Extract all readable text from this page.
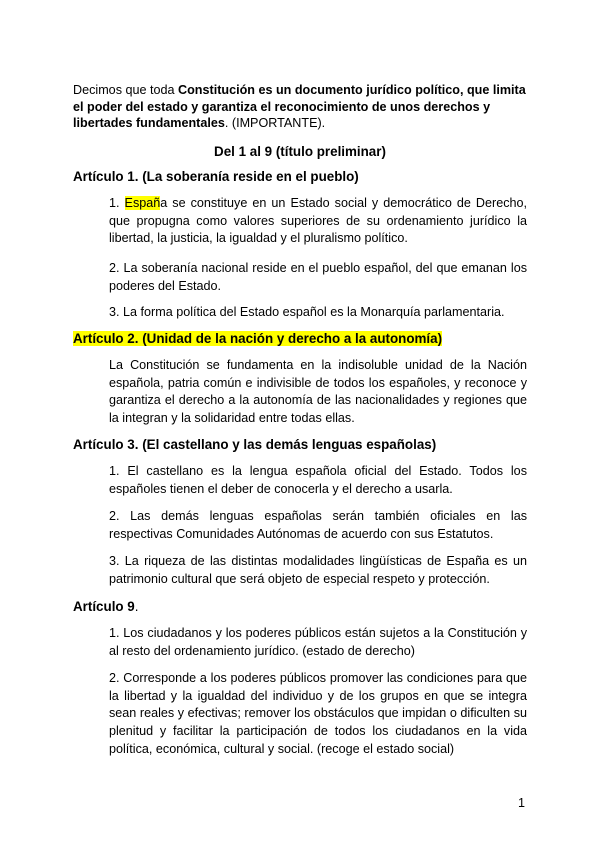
Decimos que toda Constitución es un documento jurídico político, que limita el poder del estado y garantiza el reconocimiento de unos derechos y libertades fundamentales. (IMPORTANTE).
Del 1 al 9 (título preliminar)
Artículo 1. (La soberanía reside en el pueblo)
1. España se constituye en un Estado social y democrático de Derecho, que propugna como valores superiores de su ordenamiento jurídico la libertad, la justicia, la igualdad y el pluralismo político.
2. La soberanía nacional reside en el pueblo español, del que emanan los poderes del Estado.
3. La forma política del Estado español es la Monarquía parlamentaria.
Artículo 2. (Unidad de la nación y derecho a la autonomía)
La Constitución se fundamenta en la indisoluble unidad de la Nación española, patria común e indivisible de todos los españoles, y reconoce y garantiza el derecho a la autonomía de las nacionalidades y regiones que la integran y la solidaridad entre todas ellas.
Artículo 3. (El castellano y las demás lenguas españolas)
1. El castellano es la lengua española oficial del Estado. Todos los españoles tienen el deber de conocerla y el derecho a usarla.
2. Las demás lenguas españolas serán también oficiales en las respectivas Comunidades Autónomas de acuerdo con sus Estatutos.
3. La riqueza de las distintas modalidades lingüísticas de España es un patrimonio cultural que será objeto de especial respeto y protección.
Artículo 9.
1. Los ciudadanos y los poderes públicos están sujetos a la Constitución y al resto del ordenamiento jurídico. (estado de derecho)
2. Corresponde a los poderes públicos promover las condiciones para que la libertad y la igualdad del individuo y de los grupos en que se integra sean reales y efectivas; remover los obstáculos que impidan o dificulten su plenitud y facilitar la participación de todos los ciudadanos en la vida política, económica, cultural y social. (recoge el estado social)
1
